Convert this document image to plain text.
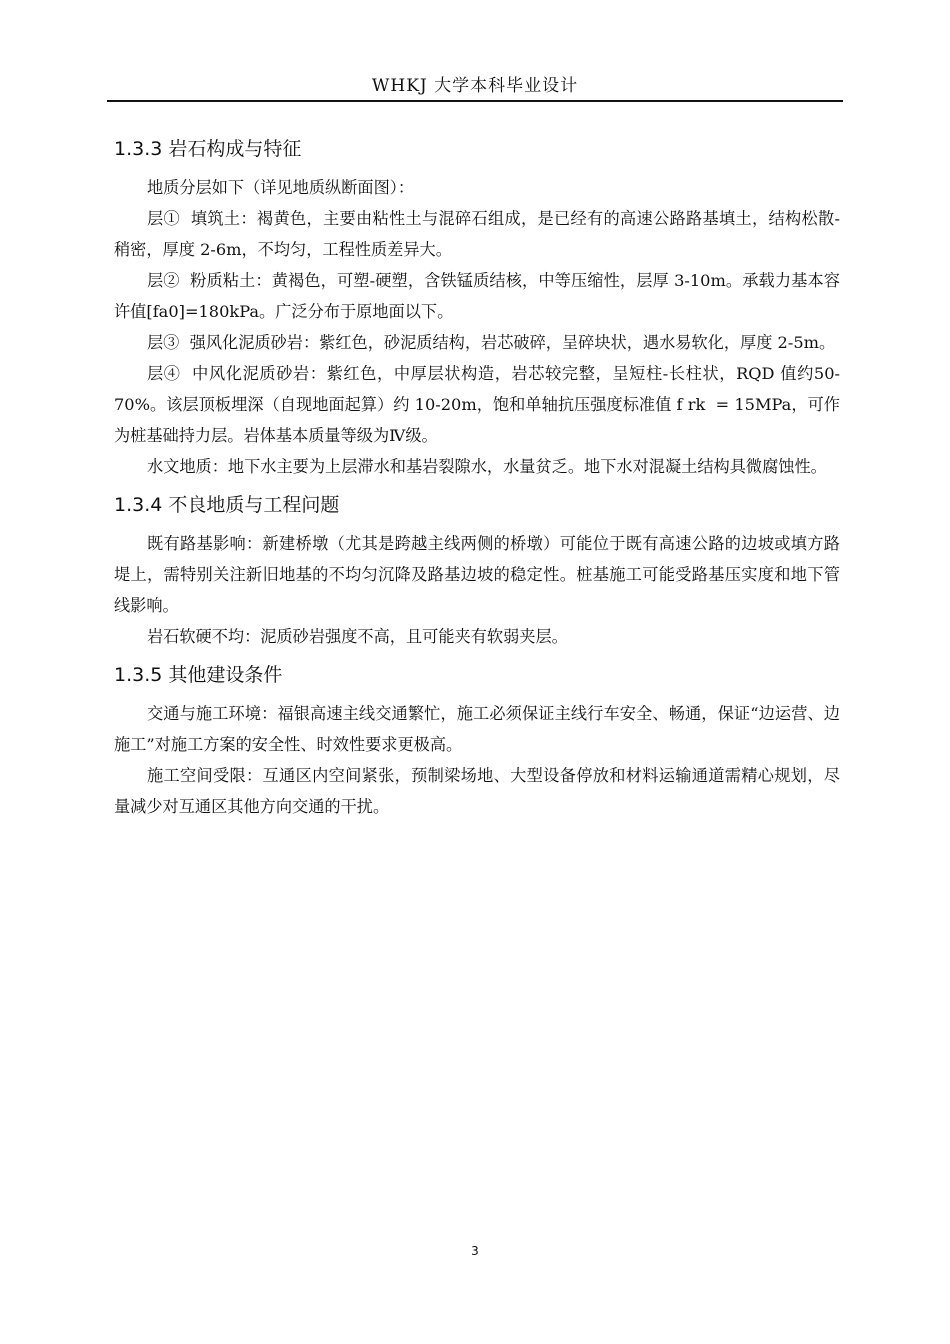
WHKJ 大学本科毕业设计
1.3.3 岩石构成与特征

地质分层如下（详见地质纵断面图）：

层①  填筑土：褐黄色，主要由粘性土与混碎石组成，是已经有的高速公路路基填土，结构松散-稍密，厚度 2-6m，不均匀，工程性质差异大。

层②  粉质粘土：黄褐色，可塑-硬塑，含铁锰质结核，中等压缩性，层厚 3-10m。承载力基本容许值[fa0]=180kPa。广泛分布于原地面以下。

层③  强风化泥质砂岩：紫红色，砂泥质结构，岩芯破碎，呈碎块状，遇水易软化，厚度 2-5m。

层④  中风化泥质砂岩：紫红色，中厚层状构造，岩芯较完整，呈短柱-长柱状，RQD 值约50-70%。该层顶板埋深（自现地面起算）约 10-20m，饱和单轴抗压强度标准值 f rk  = 15MPa，可作为桩基础持力层。岩体基本质量等级为Ⅳ级。

水文地质：地下水主要为上层滞水和基岩裂隙水，水量贫乏。地下水对混凝土结构具微腐蚀性。

1.3.4 不良地质与工程问题

既有路基影响：新建桥墩（尤其是跨越主线两侧的桥墩）可能位于既有高速公路的边坡或填方路堤上，需特别关注新旧地基的不均匀沉降及路基边坡的稳定性。桩基施工可能受路基压实度和地下管线影响。

岩石软硬不均：泥质砂岩强度不高，且可能夹有软弱夹层。

1.3.5 其他建设条件

交通与施工环境：福银高速主线交通繁忙，施工必须保证主线行车安全、畅通，保证“边运营、边施工”对施工方案的安全性、时效性要求更极高。

施工空间受限：互通区内空间紧张，预制梁场地、大型设备停放和材料运输通道需精心规划，尽量减少对互通区其他方向交通的干扰。

3
